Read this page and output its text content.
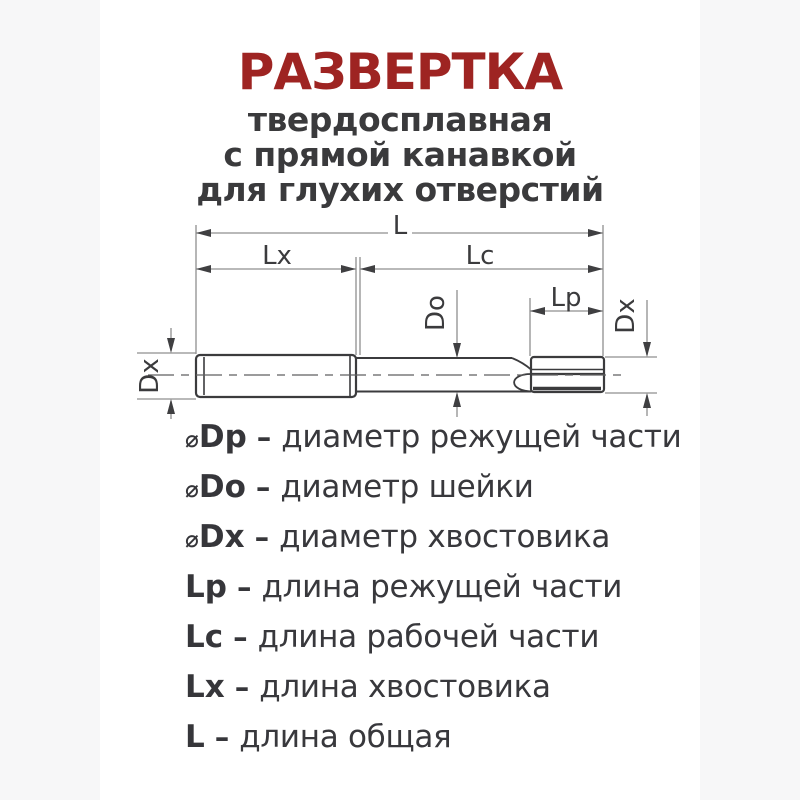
РАЗВЕРТКА
твердосплавная
с прямой канавкой
для глухих отверстий
L
Lx	Lc
Lp
Do	Dx
Dx
⌀Dp – диаметр режущей части
⌀Do – диаметр шейки
⌀Dx – диаметр хвостовика
Lp – длина режущей части
Lc – длина рабочей части
Lx – длина хвостовика
L – длина общая
